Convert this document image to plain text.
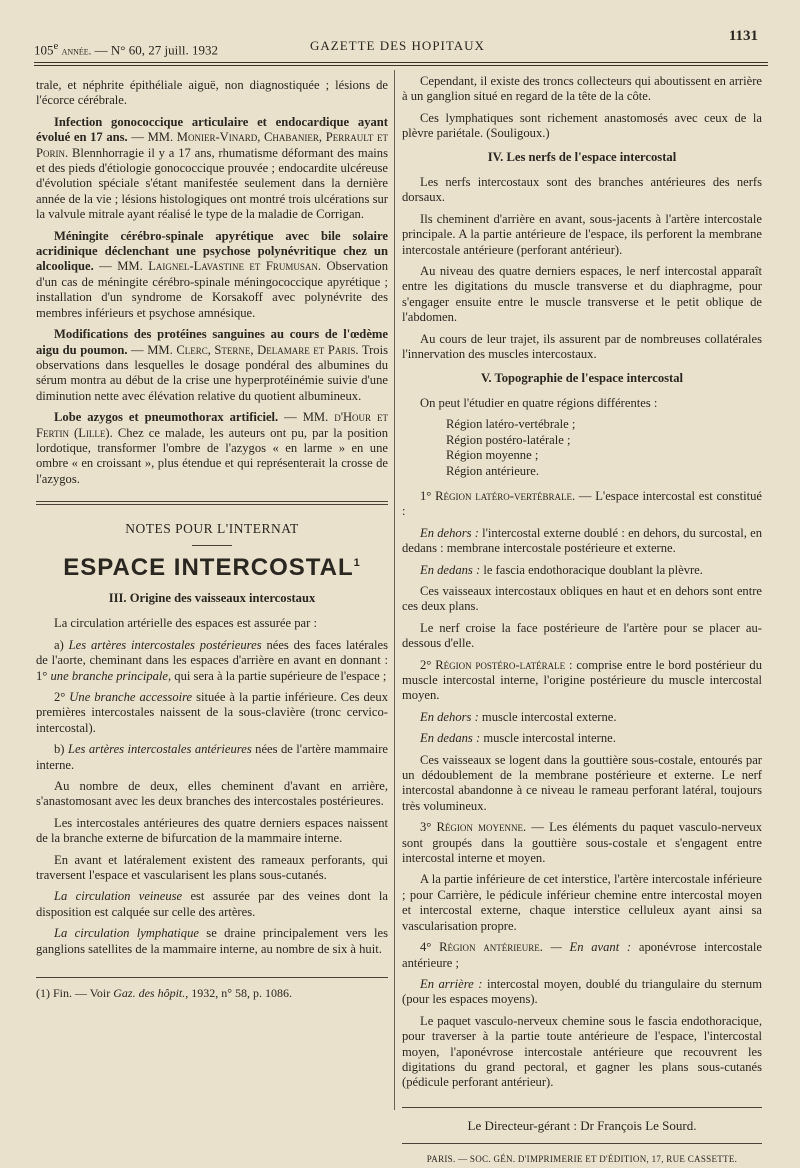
105e année. — N° 60, 27 juill. 1932	GAZETTE DES HOPITAUX
1131

trale, et néphrite épithéliale aiguë, non diagnostiquée ; lésions de l'écorce cérébrale.

Infection gonococcique articulaire et endocardique ayant évolué en 17 ans. — MM. Monier-Vinard, Chabanier, Perrault et Porin. Blennhorragie il y a 17 ans, rhumatisme déformant des mains et des pieds d'étiologie gonococcique prouvée ; endocardite ulcéreuse d'évolution spéciale s'étant manifestée seulement dans la dernière année de la vie ; lésions histologiques ont montré trois ulcérations sur la valvule mitrale ayant réalisé le type de la maladie de Corrigan.

Méningite cérébro-spinale apyrétique avec bile solaire acridinique déclenchant une psychose polynévritique chez un alcoolique. — MM. Laignel-Lavastine et Frumusan. Observation d'un cas de méningite cérébro-spinale méningococcique apyrétique ; installation d'un syndrome de Korsakoff avec polynévrite des membres inférieurs et psychose amnésique.

Modifications des protéines sanguines au cours de l'œdème aigu du poumon. — MM. Clerc, Sterne, Delamare et Paris. Trois observations dans lesquelles le dosage pondéral des albumines du sérum montra au début de la crise une hyperprotéinémie suivie d'une diminution nette avec élévation relative du quotient albumineux.

Lobe azygos et pneumothorax artificiel. — MM. d'Hour et Fertin (Lille). Chez ce malade, les auteurs ont pu, par la position lordotique, transformer l'ombre de l'azygos « en larme » en une ombre « en croissant », plus étendue et qui représenterait la crosse de l'azygos.

NOTES POUR L'INTERNAT
ESPACE INTERCOSTAL$^1$
III. Origine des vaisseaux intercostaux

La circulation artérielle des espaces est assurée par :

a) Les artères intercostales postérieures nées des faces latérales de l'aorte, cheminant dans les espaces d'arrière en avant en donnant : 1° une branche principale, qui sera à la partie supérieure de l'espace ;

2° Une branche accessoire située à la partie inférieure. Ces deux premières intercostales naissent de la sous-clavière (tronc cervico-intercostal).

b) Les artères intercostales antérieures nées de l'artère mammaire interne.

Au nombre de deux, elles cheminent d'avant en arrière, s'anastomosant avec les deux branches des intercostales postérieures.

Les intercostales antérieures des quatre derniers espaces naissent de la branche externe de bifurcation de la mammaire interne.

En avant et latéralement existent des rameaux perforants, qui traversent l'espace et vascularisent les plans sous-cutanés.

La circulation veineuse est assurée par des veines dont la disposition est calquée sur celle des artères.

La circulation lymphatique se draine principalement vers les ganglions satellites de la mammaire interne, au nombre de six à huit.

(1) Fin. — Voir Gaz. des hôpit., 1932, n° 58, p. 1086.

Cependant, il existe des troncs collecteurs qui aboutissent en arrière à un ganglion situé en regard de la tête de la côte.

Ces lymphatiques sont richement anastomosés avec ceux de la plèvre pariétale. (Souligoux.)

IV. Les nerfs de l'espace intercostal

Les nerfs intercostaux sont des branches antérieures des nerfs dorsaux.

Ils cheminent d'arrière en avant, sous-jacents à l'artère intercostale principale. A la partie antérieure de l'espace, ils perforent la membrane intercostale antérieure (perforant antérieur).

Au niveau des quatre derniers espaces, le nerf intercostal apparaît entre les digitations du muscle transverse et du diaphragme, pour s'engager ensuite entre le muscle transverse et le petit oblique de l'abdomen.

Au cours de leur trajet, ils assurent par de nombreuses collatérales l'innervation des muscles intercostaux.

V. Topographie de l'espace intercostal

On peut l'étudier en quatre régions différentes :

Région latéro-vertébrale ;
Région postéro-latérale ;
Région moyenne ;
Région antérieure.

1° Région latéro-vertébrale. — L'espace intercostal est constitué :

En dehors : l'intercostal externe doublé : en dehors, du surcostal, en dedans : membrane intercostale postérieure et externe.

En dedans : le fascia endothoracique doublant la plèvre.

Ces vaisseaux intercostaux obliques en haut et en dehors sont entre ces deux plans.

Le nerf croise la face postérieure de l'artère pour se placer au-dessous d'elle.

2° Région postéro-latérale : comprise entre le bord postérieur du muscle intercostal interne, l'origine postérieure du muscle intercostal moyen.

En dehors : muscle intercostal externe.

En dedans : muscle intercostal interne.

Ces vaisseaux se logent dans la gouttière sous-costale, entourés par un dédoublement de la membrane postérieure et externe. Le nerf intercostal abandonne à ce niveau le rameau perforant latéral, toujours très volumineux.

3° Région moyenne. — Les éléments du paquet vasculo-nerveux sont groupés dans la gouttière sous-costale et s'engagent entre intercostal interne et moyen.

A la partie inférieure de cet interstice, l'artère intercostale inférieure ; pour Carrière, le pédicule inférieur chemine entre intercostal moyen et intercostal externe, chaque interstice celluleux ayant ainsi sa vascularisation propre.

4° Région antérieure. — En avant : aponévrose intercostale antérieure ;

En arrière : intercostal moyen, doublé du triangulaire du sternum (pour les espaces moyens).

Le paquet vasculo-nerveux chemine sous le fascia endothoracique, pour traverser à la partie toute antérieure de l'espace, l'intercostal moyen, l'aponévrose intercostale antérieure que recouvrent les digitations du grand pectoral, et gagner les plans sous-cutanés (pédicule perforant antérieur).

Le Directeur-gérant : Dr François Le Sourd.
PARIS. — SOC. GÉN. D'IMPRIMERIE ET D'ÉDITION, 17, RUE CASSETTE.
